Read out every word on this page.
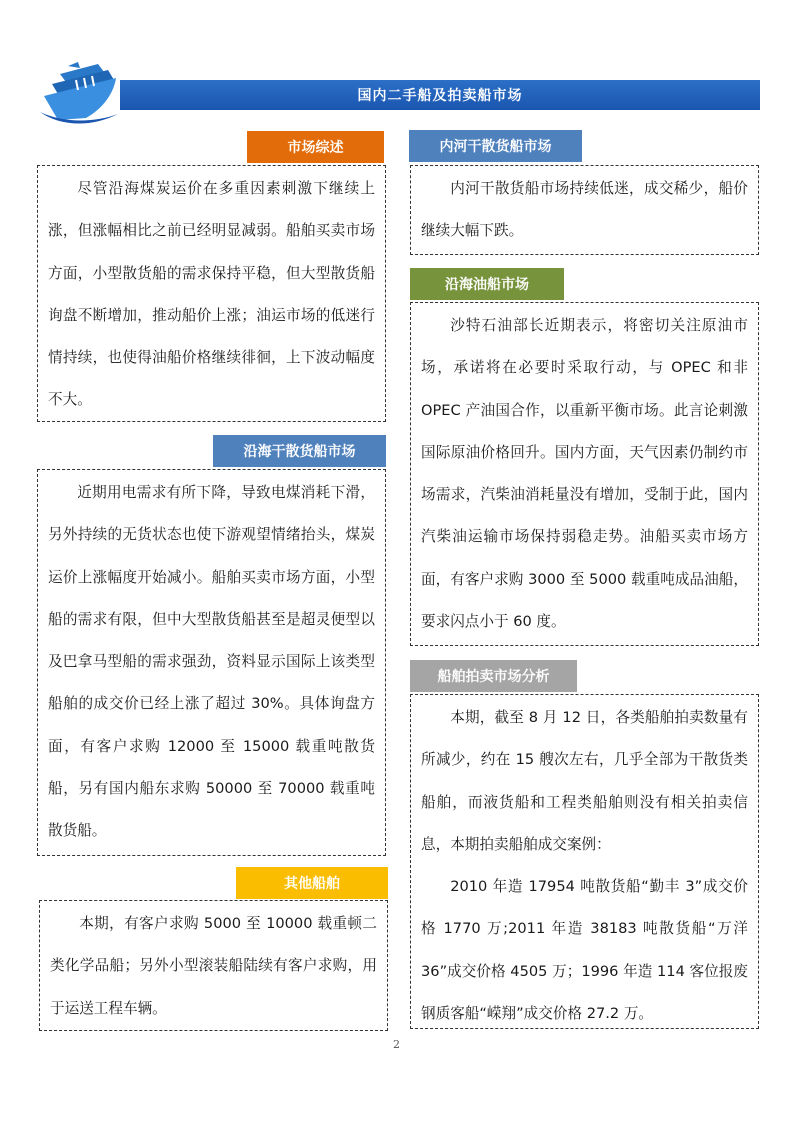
国内二手船及拍卖船市场
市场综述

尽管沿海煤炭运价在多重因素刺激下继续上涨，但涨幅相比之前已经明显减弱。船舶买卖市场方面，小型散货船的需求保持平稳，但大型散货船询盘不断增加，推动船价上涨；油运市场的低迷行情持续，也使得油船价格继续徘徊，上下波动幅度不大。

沿海干散货船市场

近期用电需求有所下降，导致电煤消耗下滑，另外持续的无货状态也使下游观望情绪抬头，煤炭运价上涨幅度开始减小。船舶买卖市场方面，小型船的需求有限，但中大型散货船甚至是超灵便型以及巴拿马型船的需求强劲，资料显示国际上该类型船舶的成交价已经上涨了超过 30%。具体询盘方面，有客户求购 12000 至 15000 载重吨散货船，另有国内船东求购 50000 至 70000 载重吨散货船。

其他船舶

本期，有客户求购 5000 至 10000 载重顿二类化学品船；另外小型滚装船陆续有客户求购，用于运送工程车辆。

内河干散货船市场

内河干散货船市场持续低迷，成交稀少，船价继续大幅下跌。

沿海油船市场

沙特石油部长近期表示，将密切关注原油市场，承诺将在必要时采取行动，与 OPEC 和非 OPEC 产油国合作，以重新平衡市场。此言论刺激国际原油价格回升。国内方面，天气因素仍制约市场需求，汽柴油消耗量没有增加，受制于此，国内汽柴油运输市场保持弱稳走势。油船买卖市场方面，有客户求购 3000 至 5000 载重吨成品油船，要求闪点小于 60 度。

船舶拍卖市场分析

本期，截至 8 月 12 日，各类船舶拍卖数量有所减少，约在 15 艘次左右，几乎全部为干散货类船舶，而液货船和工程类船舶则没有相关拍卖信息，本期拍卖船舶成交案例：

2010 年造 17954 吨散货船“勤丰 3”成交价格 1770 万;2011 年造 38183 吨散货船“万洋 36”成交价格 4505 万；1996 年造 114 客位报废钢质客船“嵘翔”成交价格 27.2 万。

2
